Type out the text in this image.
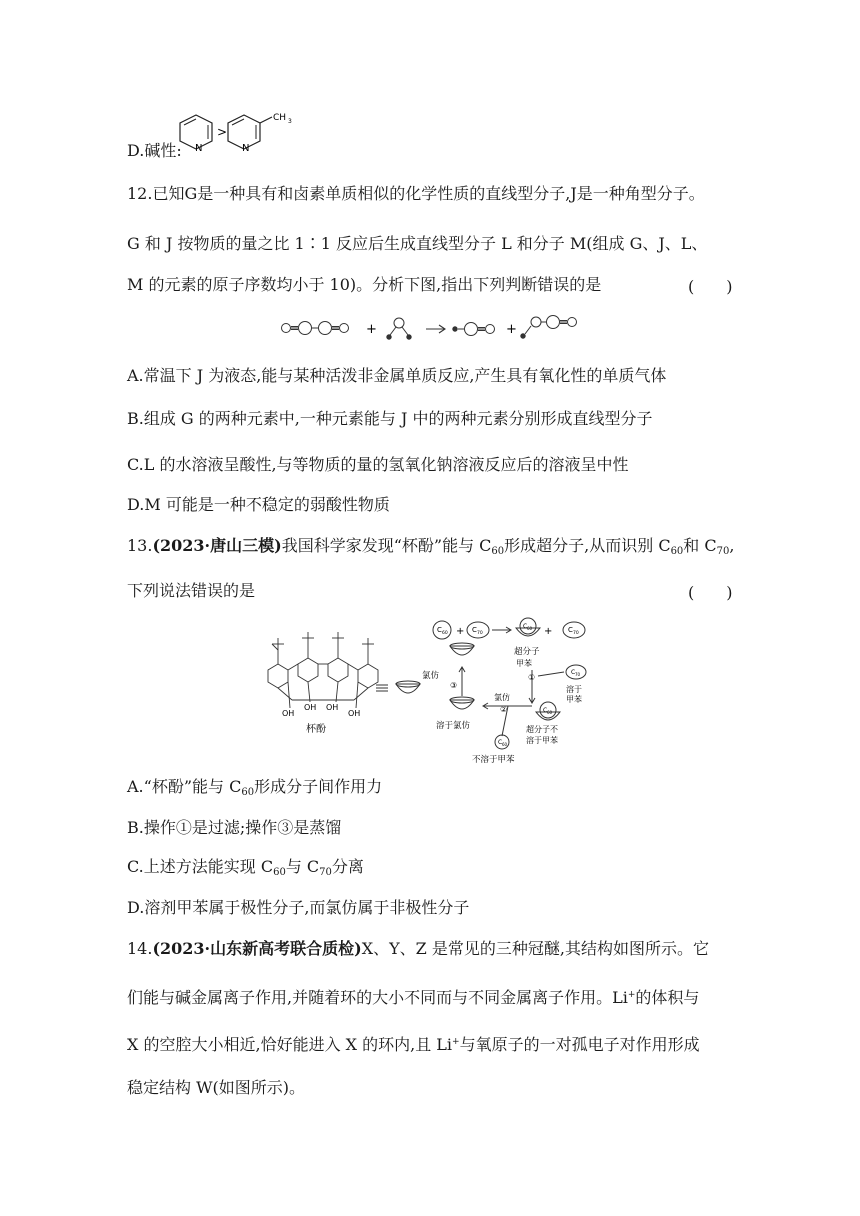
D.碱性: N
>
N
CH 3
12.已知G是一种具有和卤素单质相似的化学性质的直线型分子,J是一种角型分子。
G 和 J 按物质的量之比 1∶1 反应后生成直线型分子 L 和分子 M(组成 G、J、L、
M 的元素的原子序数均小于 10)。分析下图,指出下列判断错误的是	(　　)
+	+
A.常温下 J 为液态,能与某种活泼非金属单质反应,产生具有氧化性的单质气体
B.组成 G 的两种元素中,一种元素能与 J 中的两种元素分别形成直线型分子
C.L 的水溶液呈酸性,与等物质的量的氢氧化钠溶液反应后的溶液呈中性
D.M 可能是一种不稳定的弱酸性物质
13.(2023·唐山三模)我国科学家发现“杯酚”能与 $C_{60}$形成超分子,从而识别 $C_{60}$和 $C_{70}$,
下列说法错误的是	(　　)
OH
OH OH
OH
杯酚
C 60 + C 70
C 60 + C 70
超分子
氯仿
③
溶于氯仿
甲苯
①
C 70
溶于
甲苯
C 60
超分子不
溶于甲苯
氯仿
②
C 60
不溶于甲苯
A.“杯酚”能与 $C_{60}$形成分子间作用力
B.操作①是过滤;操作③是蒸馏
C.上述方法能实现 $C_{60}$与 $C_{70}$分离
D.溶剂甲苯属于极性分子,而氯仿属于非极性分子
14.(2023·山东新高考联合质检)X、Y、Z 是常见的三种冠醚,其结构如图所示。它
们能与碱金属离子作用,并随着环的大小不同而与不同金属离子作用。Li+的体积与
X 的空腔大小相近,恰好能进入 X 的环内,且 Li+与氧原子的一对孤电子对作用形成
稳定结构 W(如图所示)。
